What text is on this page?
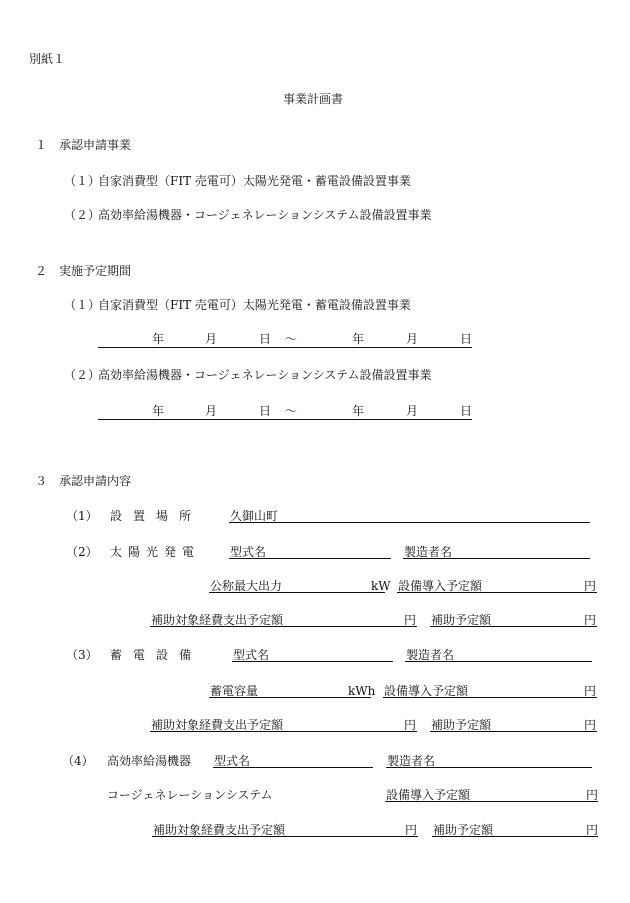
別紙１
事業計画書
１ 承認申請事業
（１）
自家消費型（FIT 売電可）太陽光発電・蓄電設備設置事業
（２）
高効率給湯機器・コージェネレーションシステム設備設置事業
２ 実施予定期間
（１）
自家消費型（FIT 売電可）太陽光発電・蓄電設備設置事業
年	月	日 ～	年	月	日
（２）
高効率給湯機器・コージェネレーションシステム設備設置事業
年	月	日 ～	年	月	日
３ 承認申請内容
（1） 設置場所 久御山町
（2） 太陽光発電 型式名	製造者名
公称最大出力	kW 設備導入予定額	円
補助対象経費支出予定額	円 補助予定額	円
（3） 蓄電設備	型式名	製造者名
蓄電容量	kWh 設備導入予定額	円
補助対象経費支出予定額	円 補助予定額	円
（4） 高効率給湯機器 型式名	製造者名
コージェネレーションシステム	設備導入予定額	円
補助対象経費支出予定額	円 補助予定額	円
